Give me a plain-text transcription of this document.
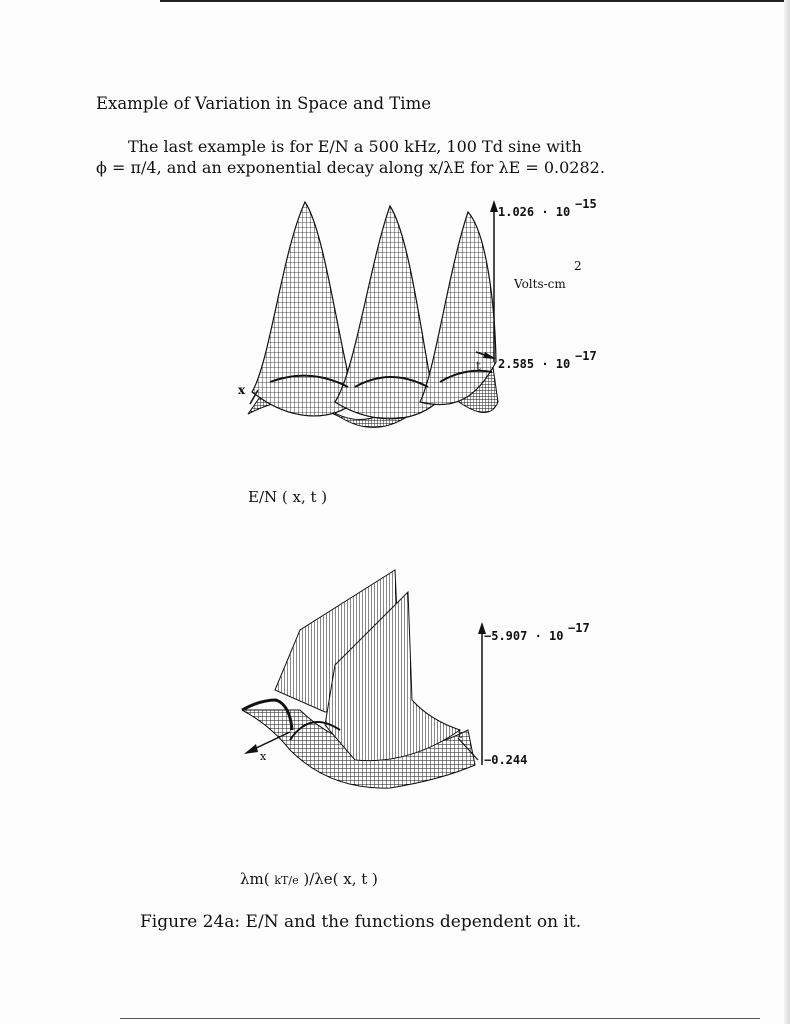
Example of Variation in Space and Time
The last example is for E/N a 500 kHz, 100 Td sine with
ϕ = π/4, and an exponential decay along x/λE for λE = 0.0282.
x
t
1.026 · 10
−15
2.585 · 10
−17
2
Volts-cm
E/N ( x, t )
x
t
−5.907 · 10
−17
−0.244
λm( kT/e )/λe( x, t )
Figure 24a: E/N and the functions dependent on it.
